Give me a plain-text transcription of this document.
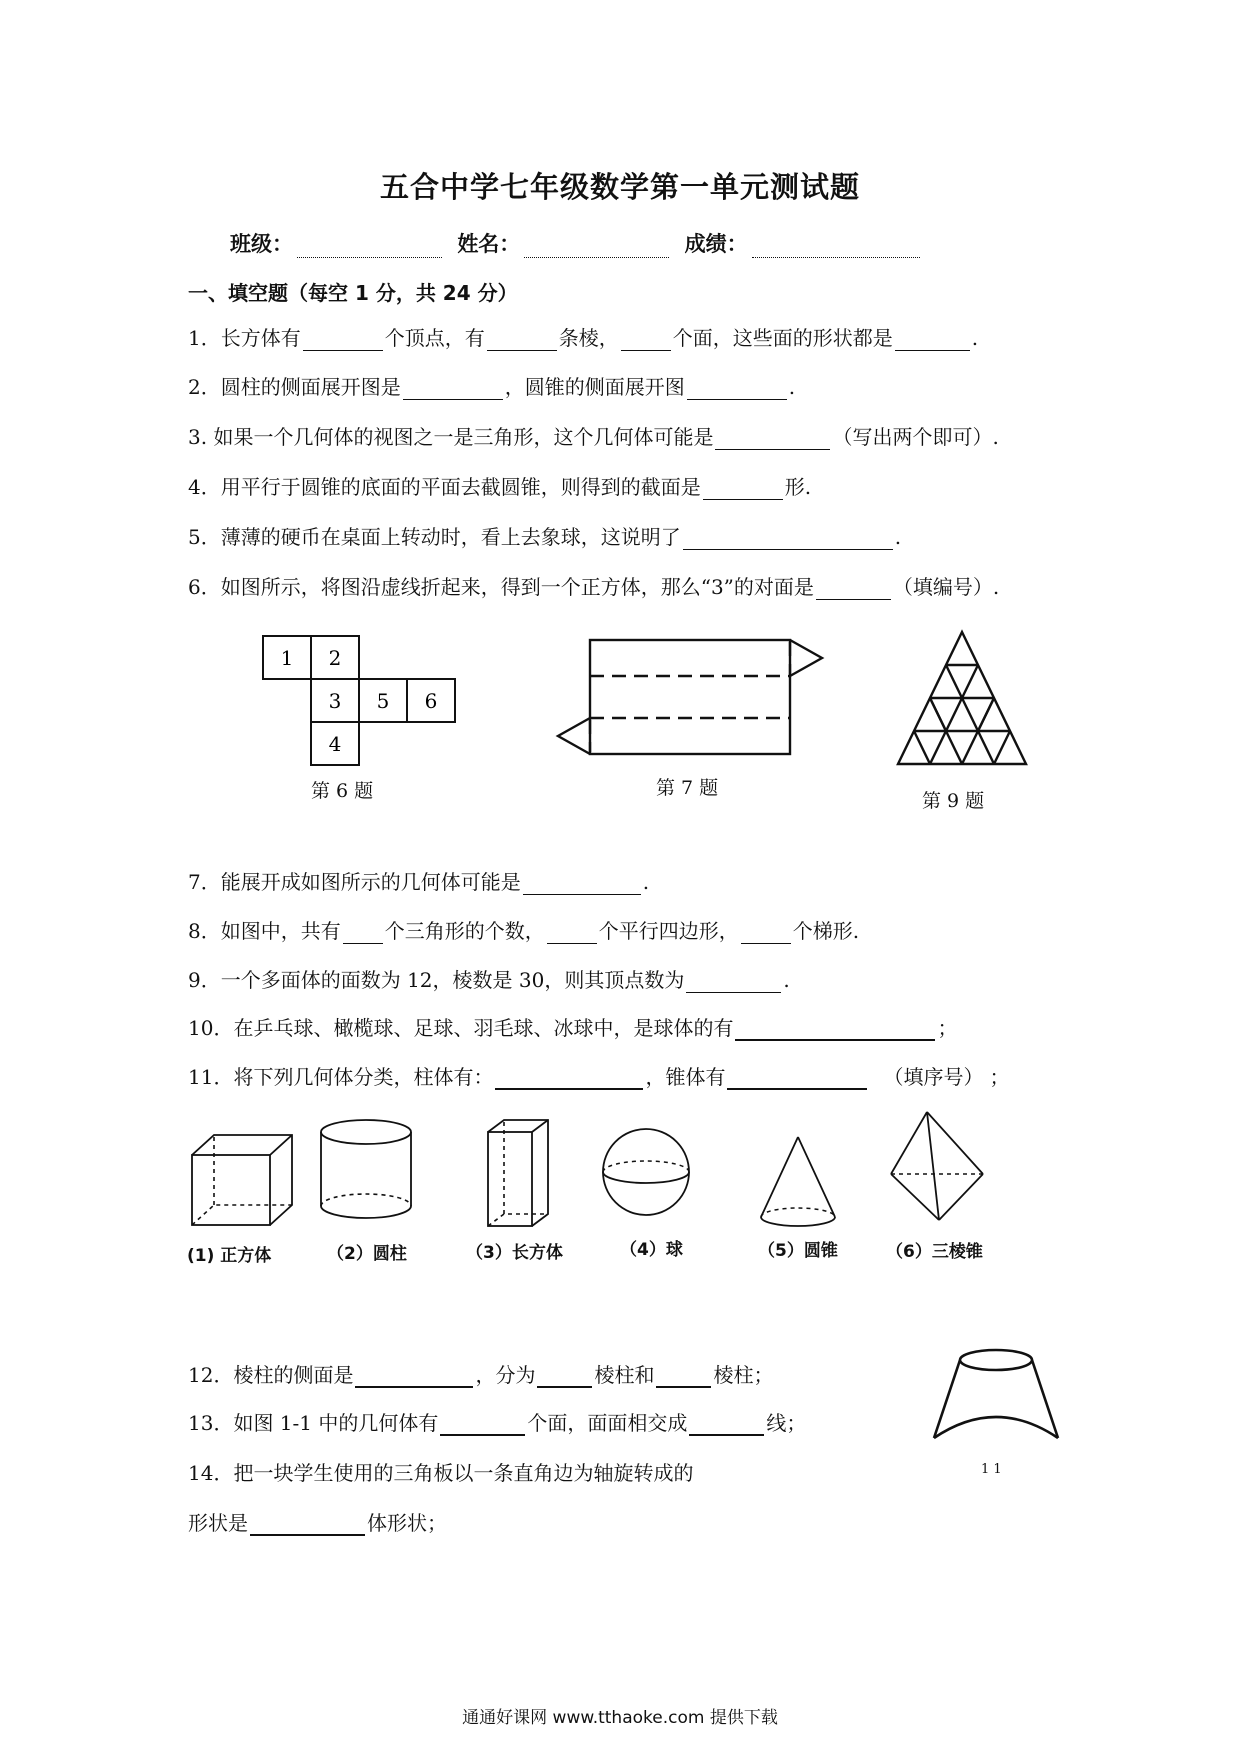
五合中学七年级数学第一单元测试题
班级：	姓名：	成绩：
一、填空题（每空 1 分，共 24 分）
1．长方体有	个顶点，有	条棱，	个面，这些面的形状都是	.
2．圆柱的侧面展开图是	，圆锥的侧面展开图	.
3. 如果一个几何体的视图之一是三角形，这个几何体可能是	（写出两个即可）.
4．用平行于圆锥的底面的平面去截圆锥，则得到的截面是	形.
5．薄薄的硬币在桌面上转动时，看上去象球，这说明了	.
6．如图所示，将图沿虚线折起来，得到一个正方体，那么“3”的对面是	（填编号）.
1 2
3 5 6
4
第 6 题	第 7 题
第 9 题
7．能展开成如图所示的几何体可能是	.
8．如图中，共有 个三角形的个数，	个平行四边形，	个梯形.
9．一个多面体的面数为 12，棱数是 30，则其顶点数为	.
10．在乒乓球、橄榄球、足球、羽毛球、冰球中，是球体的有	；
11．将下列几何体分类，柱体有：	，锥体有	（填序号） ；
(1) 正方体	（2）圆柱	（3）长方体	（4）球	（5）圆锥	（6）三棱锥
12．棱柱的侧面是	，分为	棱柱和	棱柱；
13．如图 1-1 中的几何体有	个面，面面相交成	线；
14．把一块学生使用的三角板以一条直角边为轴旋转成的
形状是	体形状；
1 1
通通好课网 www.tthaoke.com 提供下载
